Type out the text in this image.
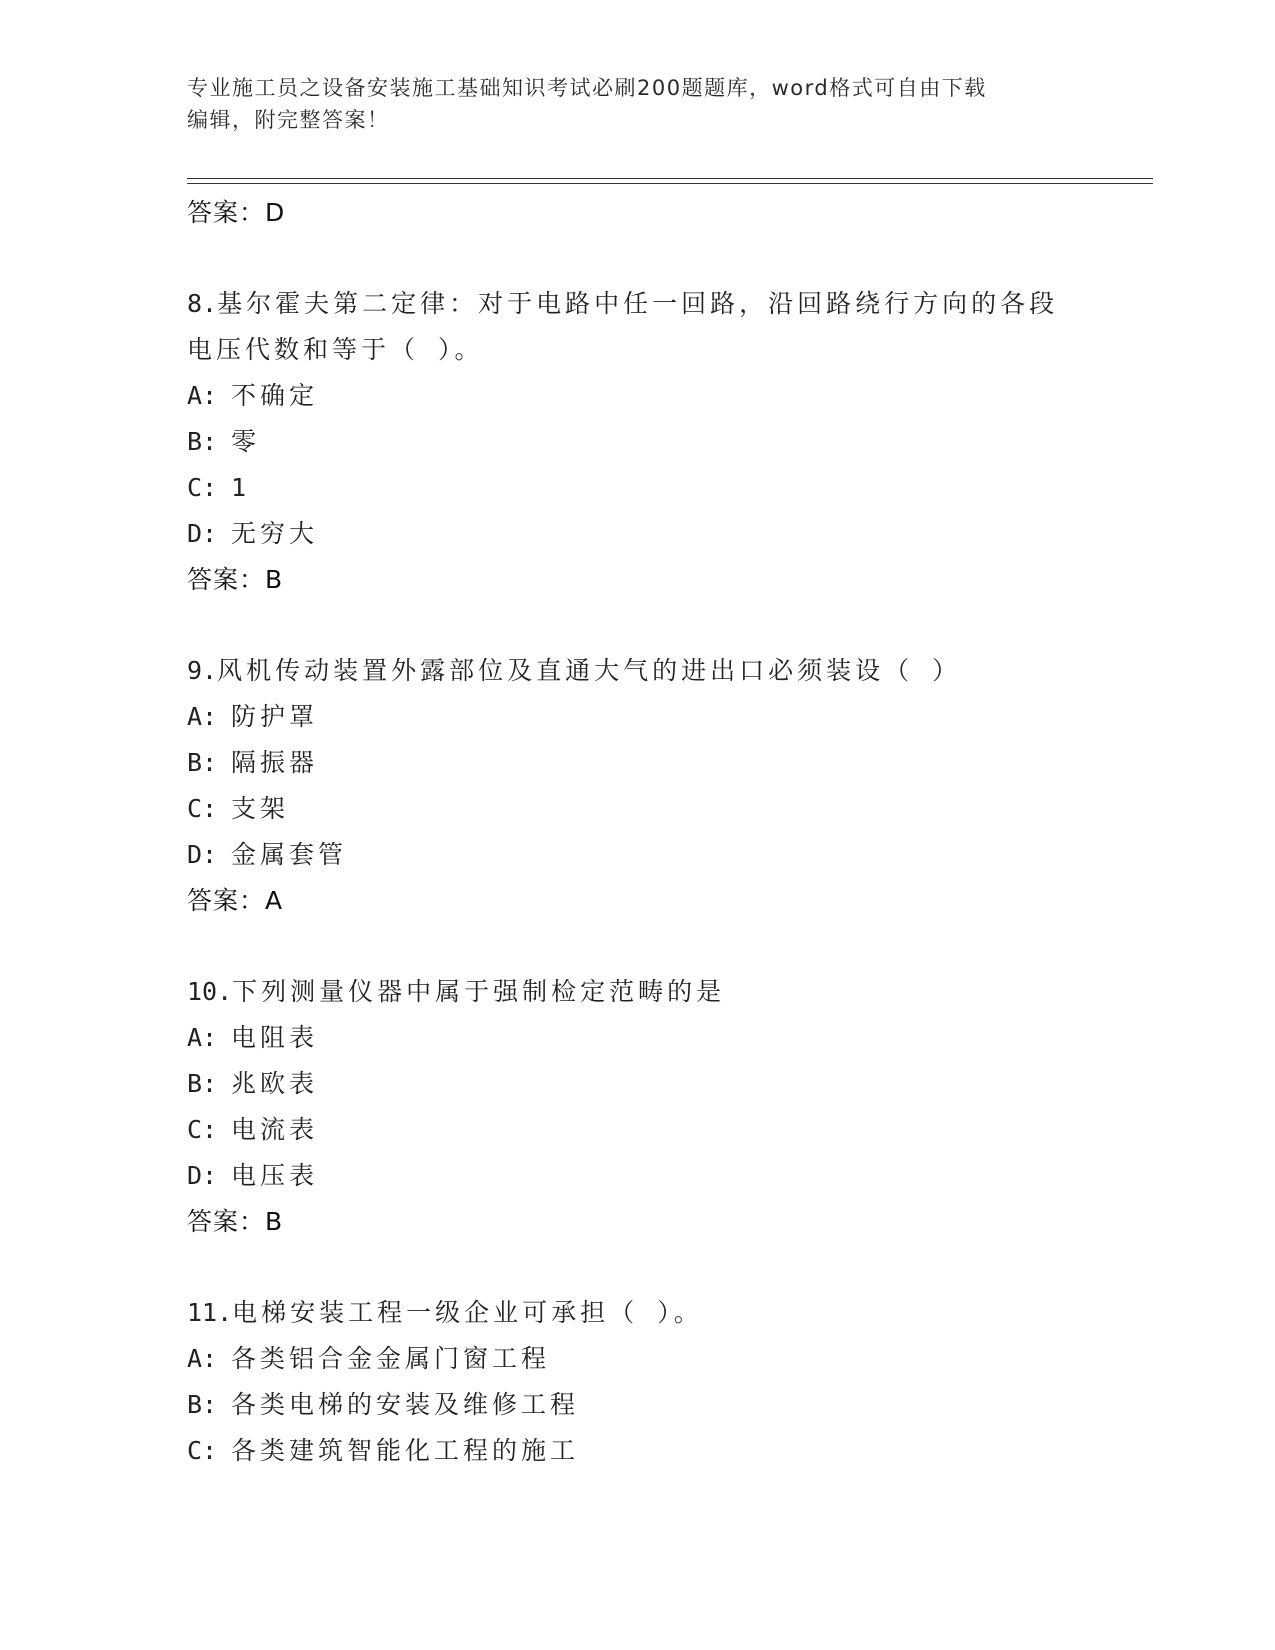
专业施工员之设备安装施工基础知识考试必刷200题题库，word格式可自由下载

编辑，附完整答案！

答案：D

8.基尔霍夫第二定律：对于电路中任一回路，沿回路绕行方向的各段

电压代数和等于（ ）。

A: 不确定

B: 零

C: 1

D: 无穷大

答案：B

9.风机传动装置外露部位及直通大气的进出口必须装设（ ）

A: 防护罩

B: 隔振器

C: 支架

D: 金属套管

答案：A

10.下列测量仪器中属于强制检定范畴的是

A: 电阻表

B: 兆欧表

C: 电流表

D: 电压表

答案：B

11.电梯安装工程一级企业可承担（ ）。

A: 各类铝合金金属门窗工程

B: 各类电梯的安装及维修工程

C: 各类建筑智能化工程的施工
